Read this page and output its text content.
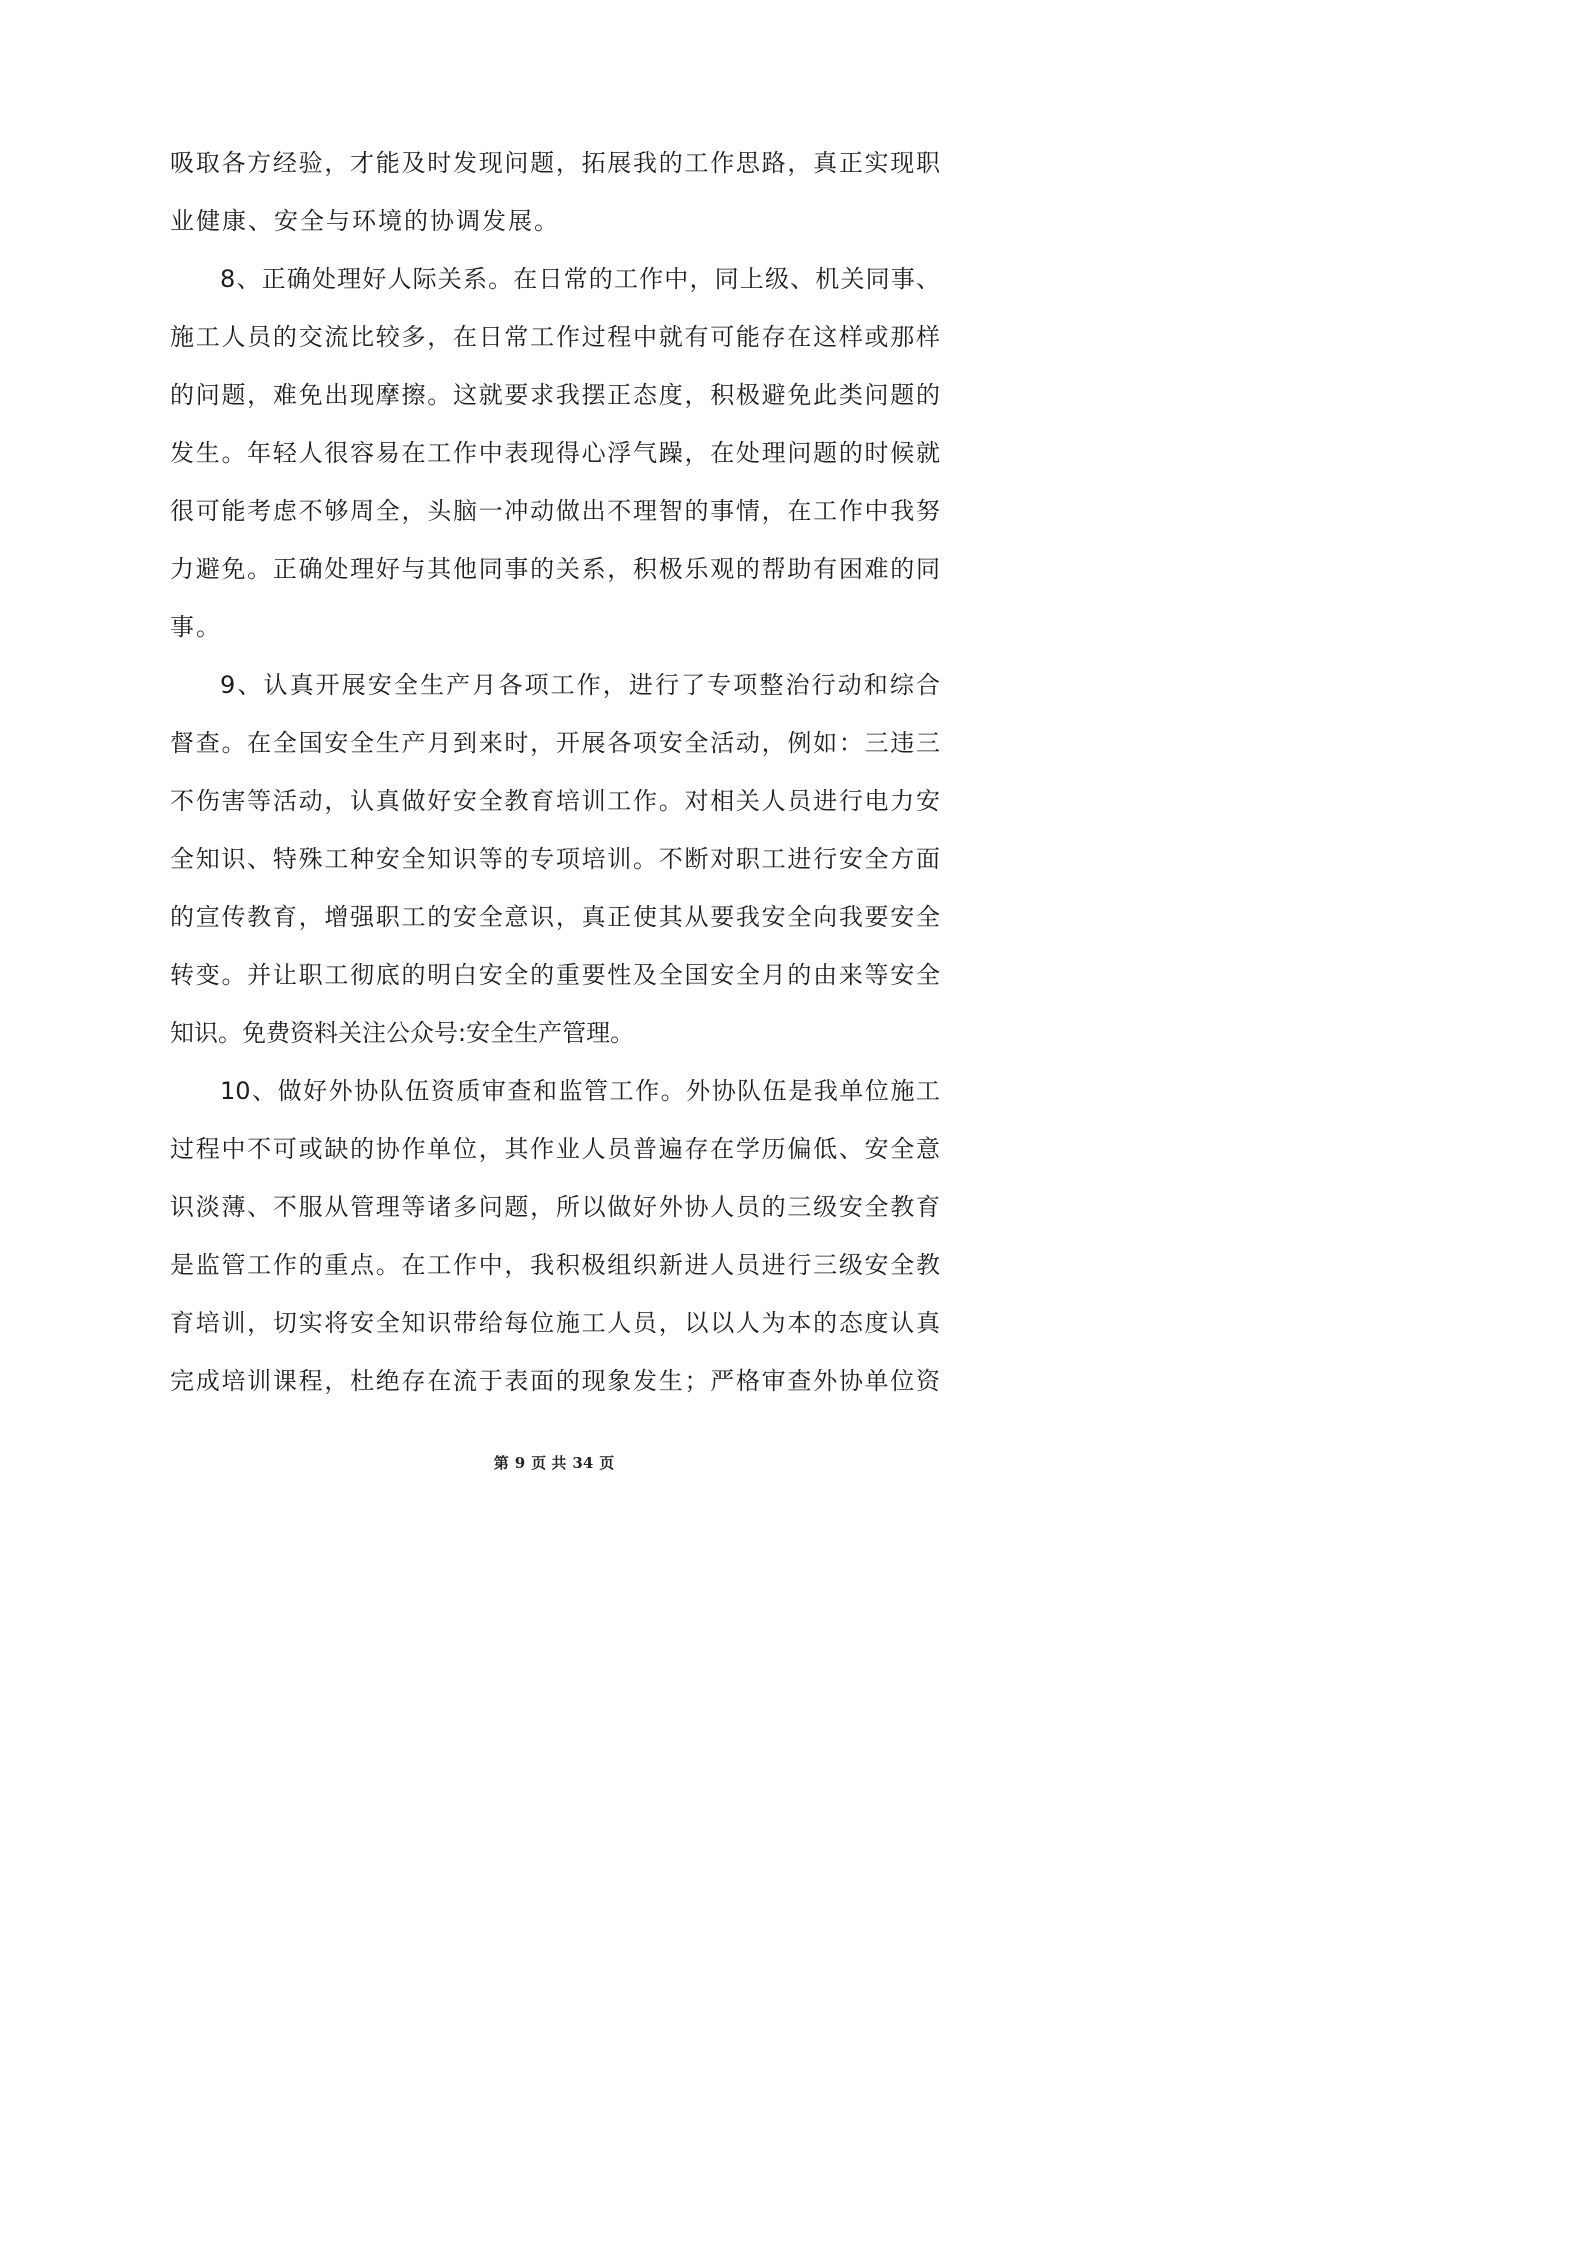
吸取各方经验，才能及时发现问题，拓展我的工作思路，真正实现职
业健康、安全与环境的协调发展。
8、正确处理好人际关系。在日常的工作中，同上级、机关同事、
施工人员的交流比较多，在日常工作过程中就有可能存在这样或那样
的问题，难免出现摩擦。这就要求我摆正态度，积极避免此类问题的
发生。年轻人很容易在工作中表现得心浮气躁，在处理问题的时候就
很可能考虑不够周全，头脑一冲动做出不理智的事情，在工作中我努
力避免。正确处理好与其他同事的关系，积极乐观的帮助有困难的同
事。
9、认真开展安全生产月各项工作，进行了专项整治行动和综合
督查。在全国安全生产月到来时，开展各项安全活动，例如：三违三
不伤害等活动，认真做好安全教育培训工作。对相关人员进行电力安
全知识、特殊工种安全知识等的专项培训。不断对职工进行安全方面
的宣传教育，增强职工的安全意识，真正使其从要我安全向我要安全
转变。并让职工彻底的明白安全的重要性及全国安全月的由来等安全
知识。免费资料关注公众号:安全生产管理。
10、做好外协队伍资质审查和监管工作。外协队伍是我单位施工
过程中不可或缺的协作单位，其作业人员普遍存在学历偏低、安全意
识淡薄、不服从管理等诸多问题，所以做好外协人员的三级安全教育
是监管工作的重点。在工作中，我积极组织新进人员进行三级安全教
育培训，切实将安全知识带给每位施工人员，以以人为本的态度认真
完成培训课程，杜绝存在流于表面的现象发生；严格审查外协单位资
第 9 页 共 34 页
